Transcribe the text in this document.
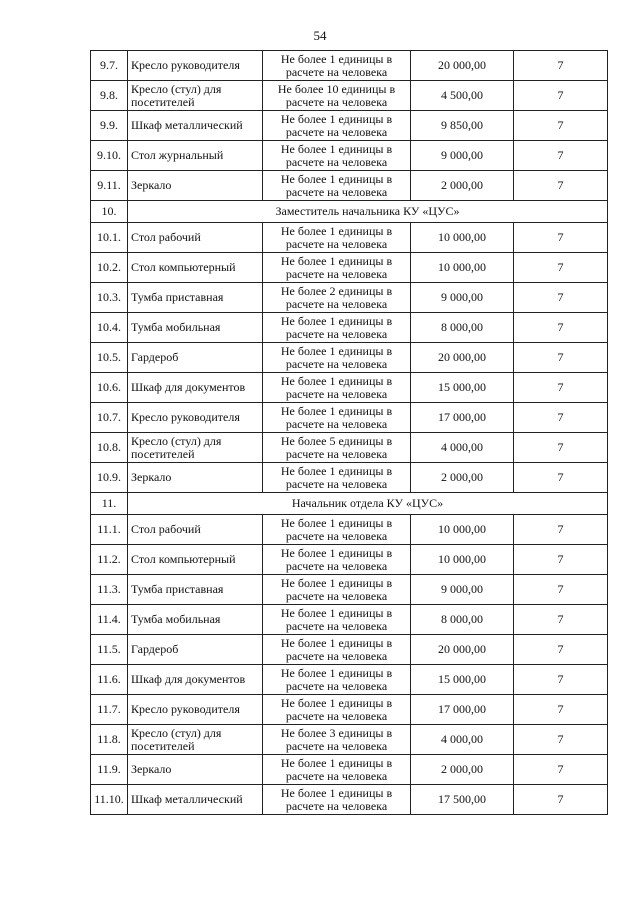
54
9.7.	Кресло руководителя	Не более 1 единицы в расчете на человека	20 000,00	7
9.8.	Кресло (стул) для посетителей	Не более 10 единицы в расчете на человека	4 500,00	7
9.9.	Шкаф металлический	Не более 1 единицы в расчете на человека	9 850,00	7
9.10.	Стол журнальный	Не более 1 единицы в расчете на человека	9 000,00	7
9.11.	Зеркало	Не более 1 единицы в расчете на человека	2 000,00	7
10.	Заместитель начальника КУ «ЦУС»			
10.1.	Стол рабочий	Не более 1 единицы в расчете на человека	10 000,00	7
10.2.	Стол компьютерный	Не более 1 единицы в расчете на человека	10 000,00	7
10.3.	Тумба приставная	Не более 2 единицы в расчете на человека	9 000,00	7
10.4.	Тумба мобильная	Не более 1 единицы в расчете на человека	8 000,00	7
10.5.	Гардероб	Не более 1 единицы в расчете на человека	20 000,00	7
10.6.	Шкаф для документов	Не более 1 единицы в расчете на человека	15 000,00	7
10.7.	Кресло руководителя	Не более 1 единицы в расчете на человека	17 000,00	7
10.8.	Кресло (стул) для посетителей	Не более 5 единицы в расчете на человека	4 000,00	7
10.9.	Зеркало	Не более 1 единицы в расчете на человека	2 000,00	7
11.	Начальник отдела КУ «ЦУС»			
11.1.	Стол рабочий	Не более 1 единицы в расчете на человека	10 000,00	7
11.2.	Стол компьютерный	Не более 1 единицы в расчете на человека	10 000,00	7
11.3.	Тумба приставная	Не более 1 единицы в расчете на человека	9 000,00	7
11.4.	Тумба мобильная	Не более 1 единицы в расчете на человека	8 000,00	7
11.5.	Гардероб	Не более 1 единицы в расчете на человека	20 000,00	7
11.6.	Шкаф для документов	Не более 1 единицы в расчете на человека	15 000,00	7
11.7.	Кресло руководителя	Не более 1 единицы в расчете на человека	17 000,00	7
11.8.	Кресло (стул) для посетителей	Не более 3 единицы в расчете на человека	4 000,00	7
11.9.	Зеркало	Не более 1 единицы в расчете на человека	2 000,00	7
11.10.	Шкаф металлический	Не более 1 единицы в расчете на человека	17 500,00	7
